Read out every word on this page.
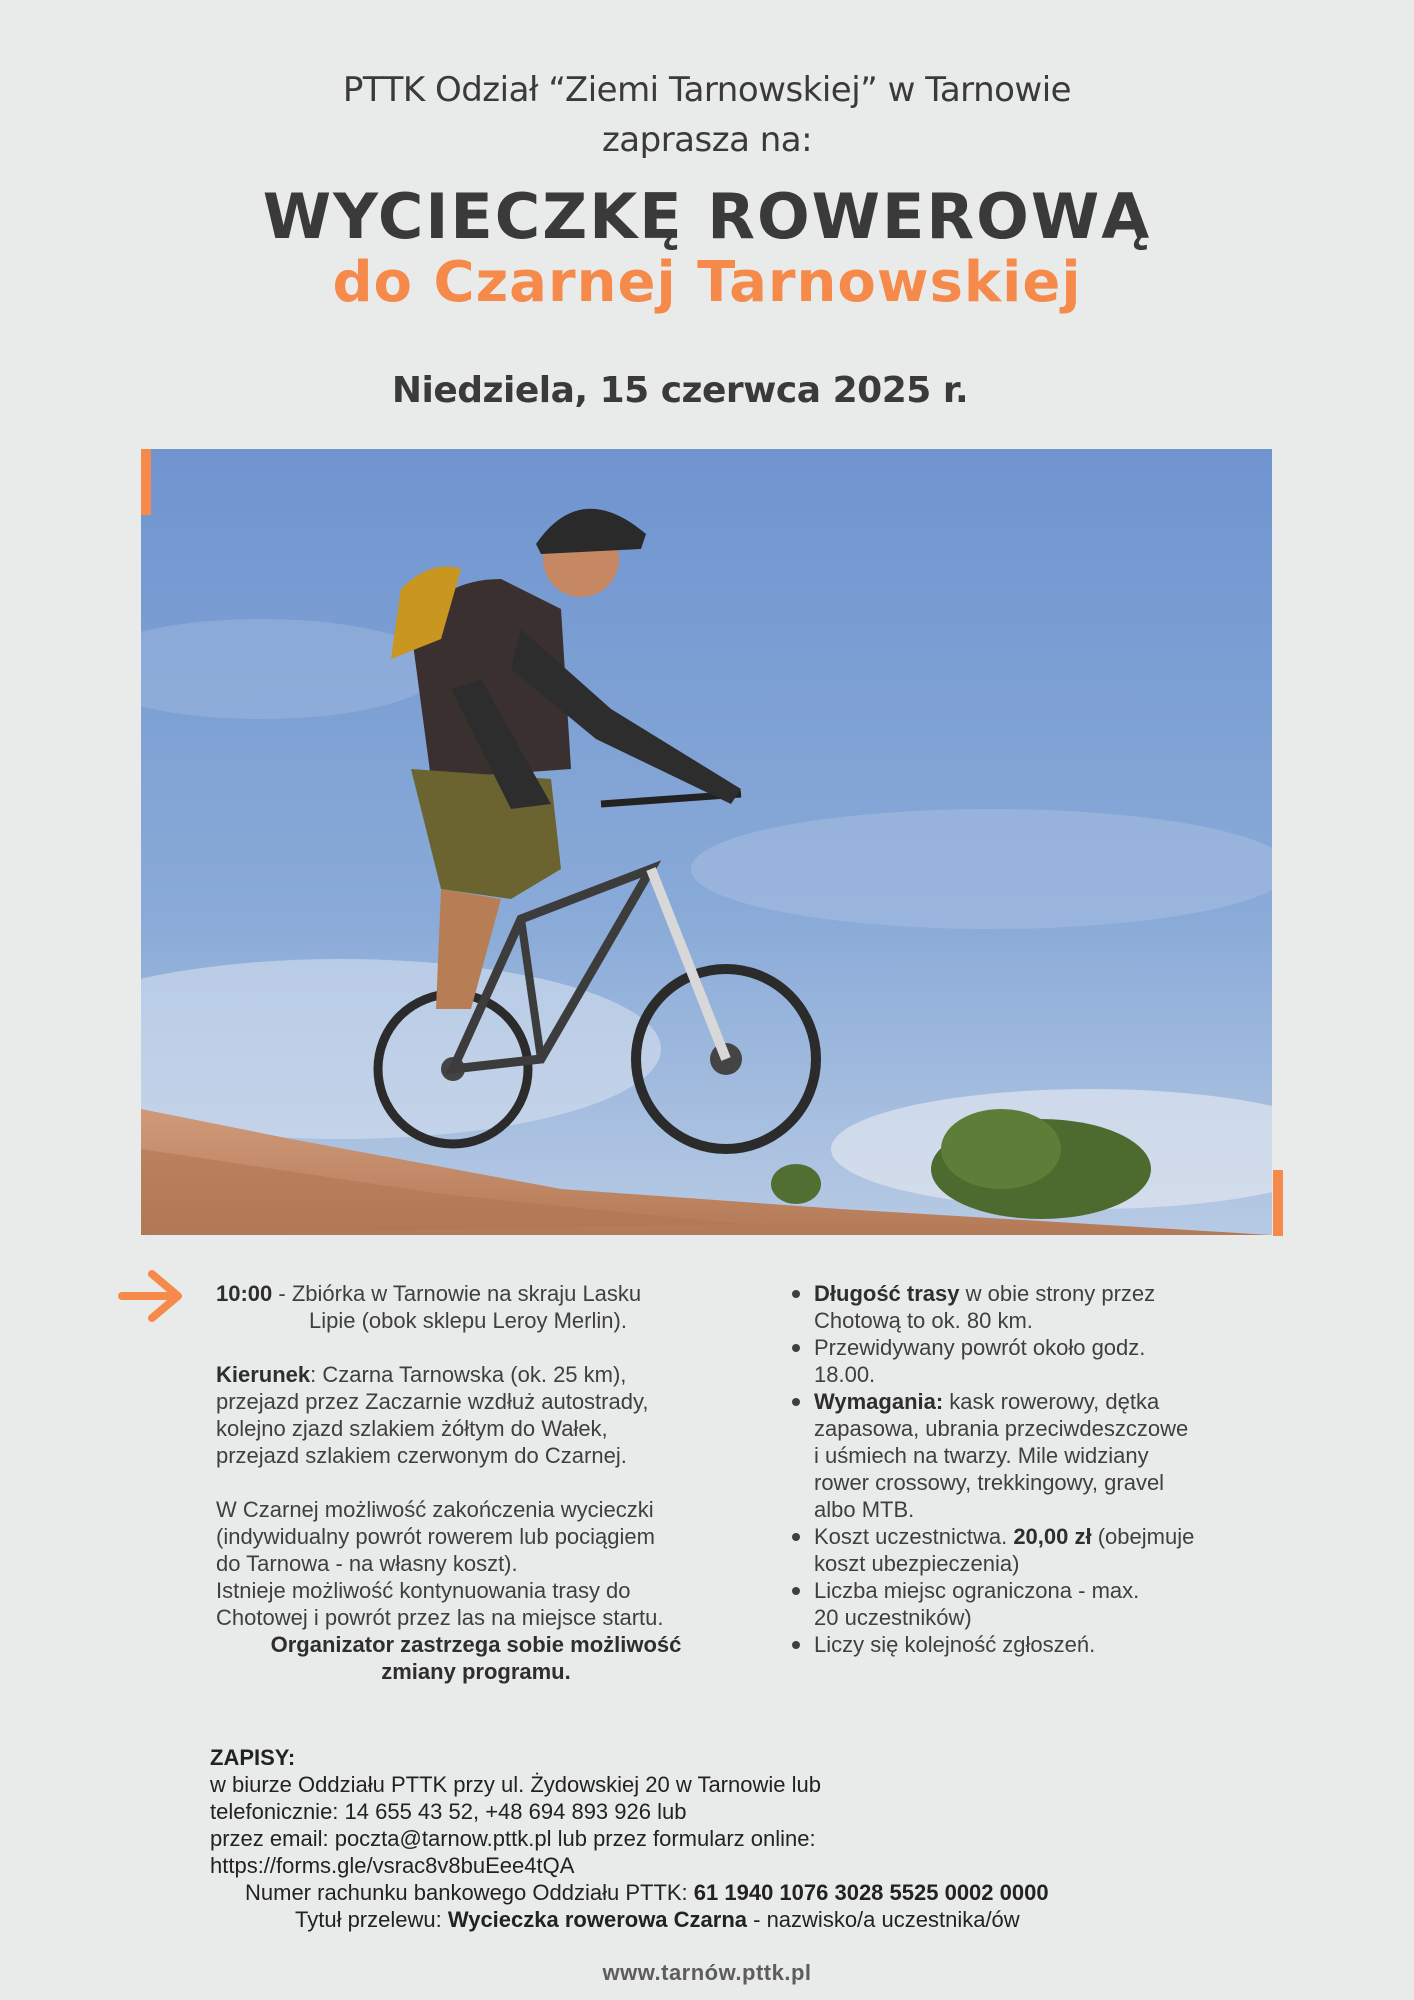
PTTK Odział “Ziemi Tarnowskiej” w Tarnowie
zaprasza na:
WYCIECZKĘ ROWEROWĄ
do Czarnej Tarnowskiej
Niedziela, 15 czerwca 2025 r.

10:00 - Zbiórka w Tarnowie na skraju Lasku

Lipie (obok sklepu Leroy Merlin).

Kierunek: Czarna Tarnowska (ok. 25 km),

przejazd przez Zaczarnie wzdłuż autostrady,

kolejno zjazd szlakiem żółtym do Wałek,

przejazd szlakiem czerwonym do Czarnej.

W Czarnej możliwość zakończenia wycieczki

(indywidualny powrót rowerem lub pociągiem

do Tarnowa - na własny koszt).

Istnieje możliwość kontynuowania trasy do

Chotowej i powrót przez las na miejsce startu.

Organizator zastrzega sobie możliwość

zmiany programu.

Długość trasy w obie strony przez
Chotową to ok. 80 km.
Przewidywany powrót około godz.
18.00.
Wymagania: kask rowerowy, dętka
zapasowa, ubrania przeciwdeszczowe
i uśmiech na twarzy. Mile widziany
rower crossowy, trekkingowy, gravel
albo MTB.
Koszt uczestnictwa. 20,00 zł (obejmuje
koszt ubezpieczenia)
Liczba miejsc ograniczona - max.
20 uczestników)
Liczy się kolejność zgłoszeń.

ZAPISY:

w biurze Oddziału PTTK przy ul. Żydowskiej 20 w Tarnowie lub

telefonicznie: 14 655 43 52, +48 694 893 926 lub

przez email: poczta@tarnow.pttk.pl lub przez formularz online:

https://forms.gle/vsrac8v8buEee4tQA

Numer rachunku bankowego Oddziału PTTK: 61 1940 1076 3028 5525 0002 0000

Tytuł przelewu: Wycieczka rowerowa Czarna - nazwisko/a uczestnika/ów

www.tarnów.pttk.pl
